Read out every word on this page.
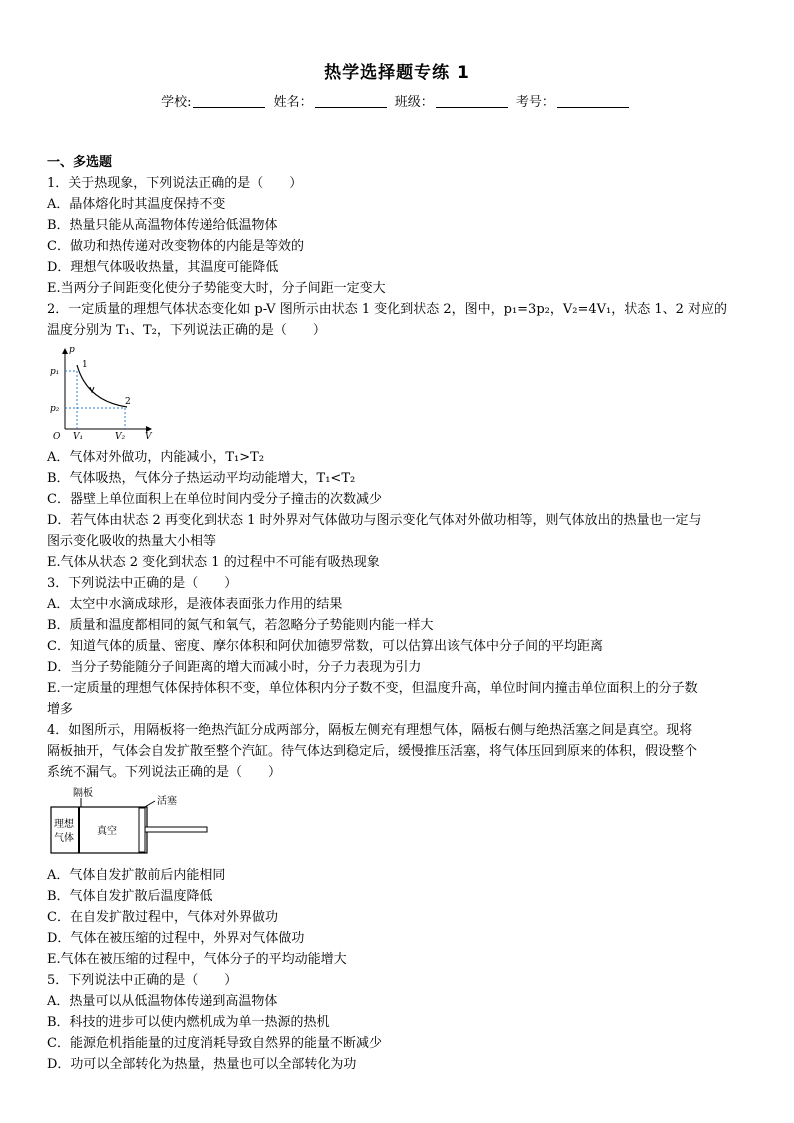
热学选择题专练 1
学校:	姓名：	班级：	考号：
一、多选题
1．关于热现象，下列说法正确的是（　　）
A．晶体熔化时其温度保持不变
B．热量只能从高温物体传递给低温物体
C．做功和热传递对改变物体的内能是等效的
D．理想气体吸收热量，其温度可能降低
E.当两分子间距变化使分子势能变大时，分子间距一定变大
2．一定质量的理想气体状态变化如 p-V 图所示由状态 1 变化到状态 2，图中，p₁=3p₂，V₂=4V₁，状态 1、2 对应的
温度分别为 T₁、T₂，下列说法正确的是（　　）
p
V
O
p₁
p₂
V₁	V₂
1
2
A．气体对外做功，内能减小，T₁>T₂
B．气体吸热，气体分子热运动平均动能增大，T₁<T₂
C．器壁上单位面积上在单位时间内受分子撞击的次数减少
D．若气体由状态 2 再变化到状态 1 时外界对气体做功与图示变化气体对外做功相等，则气体放出的热量也一定与
图示变化吸收的热量大小相等
E.气体从状态 2 变化到状态 1 的过程中不可能有吸热现象
3．下列说法中正确的是（　　）
A．太空中水滴成球形，是液体表面张力作用的结果
B．质量和温度都相同的氮气和氧气，若忽略分子势能则内能一样大
C．知道气体的质量、密度、摩尔体积和阿伏加德罗常数，可以估算出该气体中分子间的平均距离
D．当分子势能随分子间距离的增大而减小时，分子力表现为引力
E.一定质量的理想气体保持体积不变，单位体积内分子数不变，但温度升高，单位时间内撞击单位面积上的分子数
增多
4．如图所示，用隔板将一绝热汽缸分成两部分，隔板左侧充有理想气体，隔板右侧与绝热活塞之间是真空。现将
隔板抽开，气体会自发扩散至整个汽缸。待气体达到稳定后，缓慢推压活塞，将气体压回到原来的体积，假设整个
系统不漏气。下列说法正确的是（　　）
隔板
活塞
理想
气体
真空
A．气体自发扩散前后内能相同
B．气体自发扩散后温度降低
C．在自发扩散过程中，气体对外界做功
D．气体在被压缩的过程中，外界对气体做功
E.气体在被压缩的过程中，气体分子的平均动能增大
5．下列说法中正确的是（　　）
A．热量可以从低温物体传递到高温物体
B．科技的进步可以使内燃机成为单一热源的热机
C．能源危机指能量的过度消耗导致自然界的能量不断减少
D．功可以全部转化为热量，热量也可以全部转化为功
